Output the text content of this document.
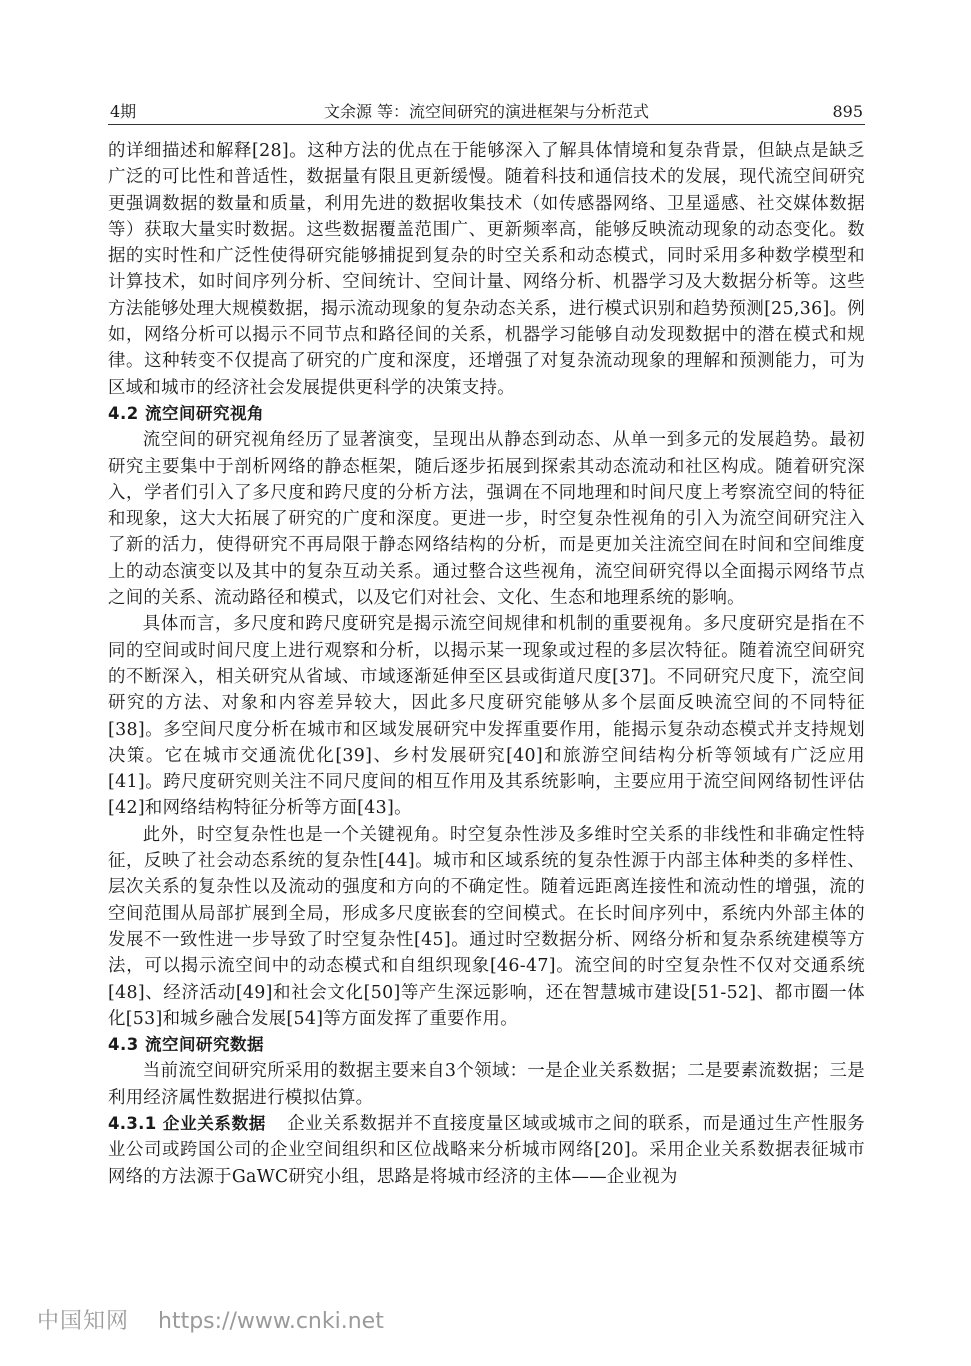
4期	文余源 等：流空间研究的演进框架与分析范式	895

的详细描述和解释[28]。这种方法的优点在于能够深入了解具体情境和复杂背景，但缺点是缺乏广泛的可比性和普适性，数据量有限且更新缓慢。随着科技和通信技术的发展，现代流空间研究更强调数据的数量和质量，利用先进的数据收集技术（如传感器网络、卫星遥感、社交媒体数据等）获取大量实时数据。这些数据覆盖范围广、更新频率高，能够反映流动现象的动态变化。数据的实时性和广泛性使得研究能够捕捉到复杂的时空关系和动态模式，同时采用多种数学模型和计算技术，如时间序列分析、空间统计、空间计量、网络分析、机器学习及大数据分析等。这些方法能够处理大规模数据，揭示流动现象的复杂动态关系，进行模式识别和趋势预测[25,36]。例如，网络分析可以揭示不同节点和路径间的关系，机器学习能够自动发现数据中的潜在模式和规律。这种转变不仅提高了研究的广度和深度，还增强了对复杂流动现象的理解和预测能力，可为区域和城市的经济社会发展提供更科学的决策支持。

4.2 流空间研究视角

流空间的研究视角经历了显著演变，呈现出从静态到动态、从单一到多元的发展趋势。最初研究主要集中于剖析网络的静态框架，随后逐步拓展到探索其动态流动和社区构成。随着研究深入，学者们引入了多尺度和跨尺度的分析方法，强调在不同地理和时间尺度上考察流空间的特征和现象，这大大拓展了研究的广度和深度。更进一步，时空复杂性视角的引入为流空间研究注入了新的活力，使得研究不再局限于静态网络结构的分析，而是更加关注流空间在时间和空间维度上的动态演变以及其中的复杂互动关系。通过整合这些视角，流空间研究得以全面揭示网络节点之间的关系、流动路径和模式，以及它们对社会、文化、生态和地理系统的影响。

具体而言，多尺度和跨尺度研究是揭示流空间规律和机制的重要视角。多尺度研究是指在不同的空间或时间尺度上进行观察和分析，以揭示某一现象或过程的多层次特征。随着流空间研究的不断深入，相关研究从省域、市域逐渐延伸至区县或街道尺度[37]。不同研究尺度下，流空间研究的方法、对象和内容差异较大，因此多尺度研究能够从多个层面反映流空间的不同特征[38]。多空间尺度分析在城市和区域发展研究中发挥重要作用，能揭示复杂动态模式并支持规划决策。它在城市交通流优化[39]、乡村发展研究[40]和旅游空间结构分析等领域有广泛应用[41]。跨尺度研究则关注不同尺度间的相互作用及其系统影响，主要应用于流空间网络韧性评估[42]和网络结构特征分析等方面[43]。

此外，时空复杂性也是一个关键视角。时空复杂性涉及多维时空关系的非线性和非确定性特征，反映了社会动态系统的复杂性[44]。城市和区域系统的复杂性源于内部主体种类的多样性、层次关系的复杂性以及流动的强度和方向的不确定性。随着远距离连接性和流动性的增强，流的空间范围从局部扩展到全局，形成多尺度嵌套的空间模式。在长时间序列中，系统内外部主体的发展不一致性进一步导致了时空复杂性[45]。通过时空数据分析、网络分析和复杂系统建模等方法，可以揭示流空间中的动态模式和自组织现象[46-47]。流空间的时空复杂性不仅对交通系统[48]、经济活动[49]和社会文化[50]等产生深远影响，还在智慧城市建设[51-52]、都市圈一体化[53]和城乡融合发展[54]等方面发挥了重要作用。

4.3 流空间研究数据

当前流空间研究所采用的数据主要来自3个领域：一是企业关系数据；二是要素流数据；三是利用经济属性数据进行模拟估算。

4.3.1 企业关系数据 企业关系数据并不直接度量区域或城市之间的联系，而是通过生产性服务业公司或跨国公司的企业空间组织和区位战略来分析城市网络[20]。采用企业关系数据表征城市网络的方法源于GaWC研究小组，思路是将城市经济的主体——企业视为

中国知网 https://www.cnki.net
